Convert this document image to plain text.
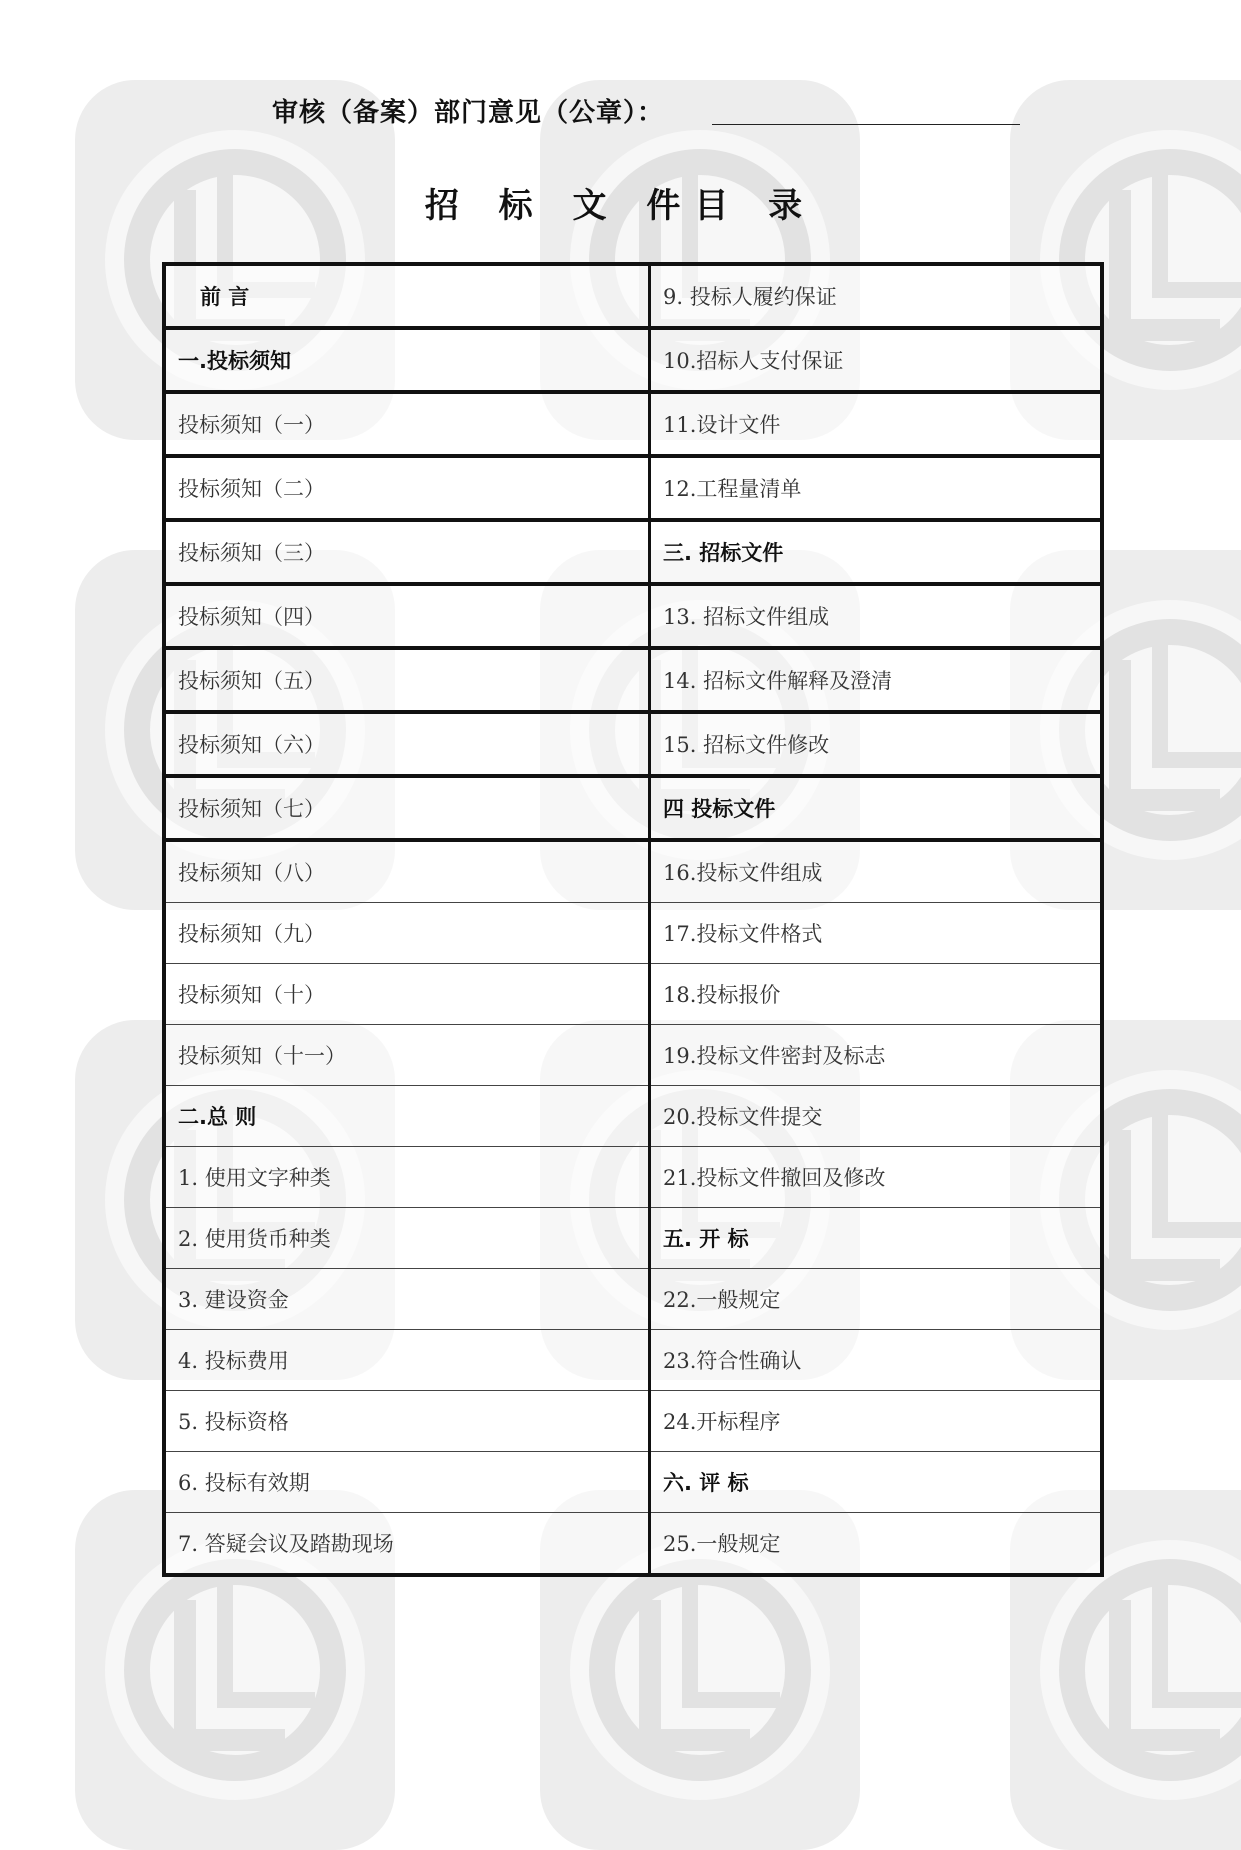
审核（备案）部门意见（公章）：
招 标 文 件目 录
前 言	9. 投标人履约保证
一.投标须知	10.招标人支付保证
投标须知（一）	11.设计文件
投标须知（二）	12.工程量清单
投标须知（三）	三. 招标文件
投标须知（四）	13. 招标文件组成
投标须知（五）	14. 招标文件解释及澄清
投标须知（六）	15. 招标文件修改
投标须知（七）	四 投标文件
投标须知（八）	16.投标文件组成
投标须知（九）	17.投标文件格式
投标须知（十）	18.投标报价
投标须知（十一）	19.投标文件密封及标志
二.总 则	20.投标文件提交
1. 使用文字种类	21.投标文件撤回及修改
2. 使用货币种类	五. 开 标
3. 建设资金	22.一般规定
4. 投标费用	23.符合性确认
5. 投标资格	24.开标程序
6. 投标有效期	六. 评 标
7. 答疑会议及踏勘现场	25.一般规定
